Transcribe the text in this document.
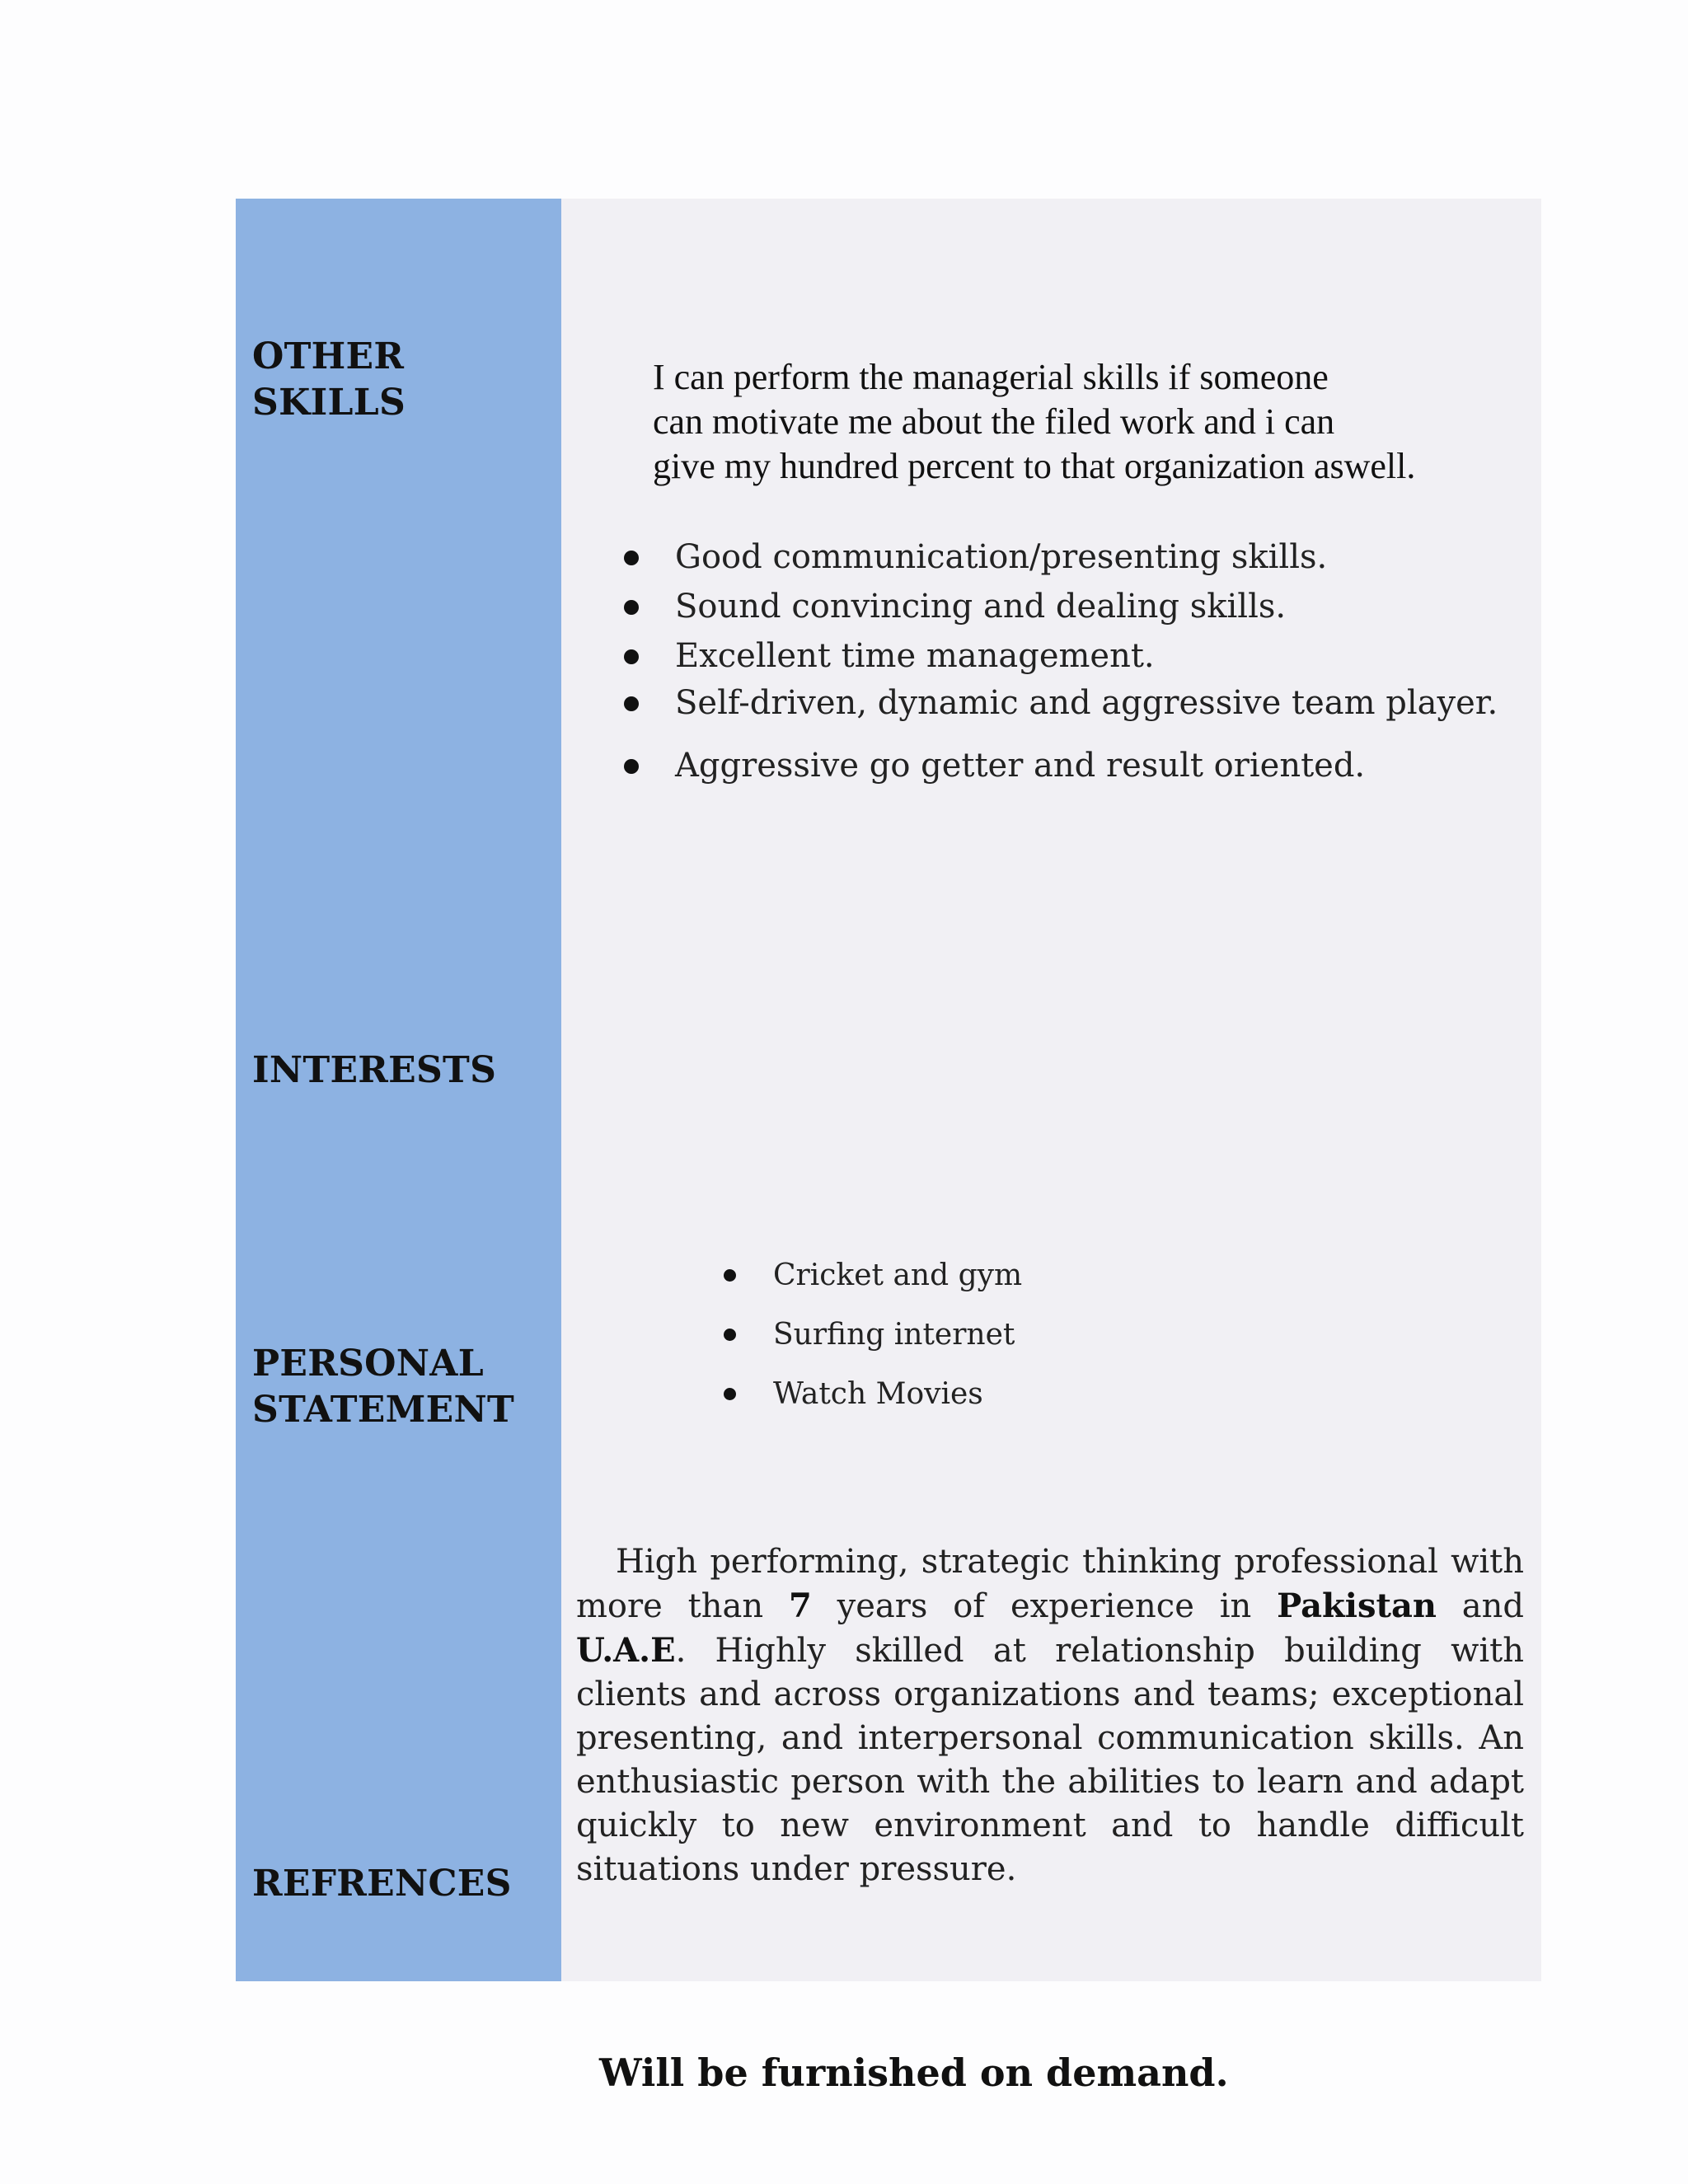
OTHER SKILLS
INTERESTS
PERSONAL
STATEMENT
REFRENCES
I can perform the managerial skills if someone
can motivate me about the filed work and i can
give my hundred percent to that organization aswell.
Good communication/presenting skills.
Sound convincing and dealing skills.
Excellent time management.
Self-driven, dynamic and aggressive team player.
Aggressive go getter and result oriented.
Cricket and gym
Surfing internet
Watch Movies

High performing, strategic thinking professional with more than 7 years of experience in Pakistan and U.A.E. Highly skilled at relationship building with clients and across organizations and teams; exceptional presenting, and interpersonal communication skills. An enthusiastic person with the abilities to learn and adapt quickly to new environment and to handle difficult situations under pressure.

Will be furnished on demand.
